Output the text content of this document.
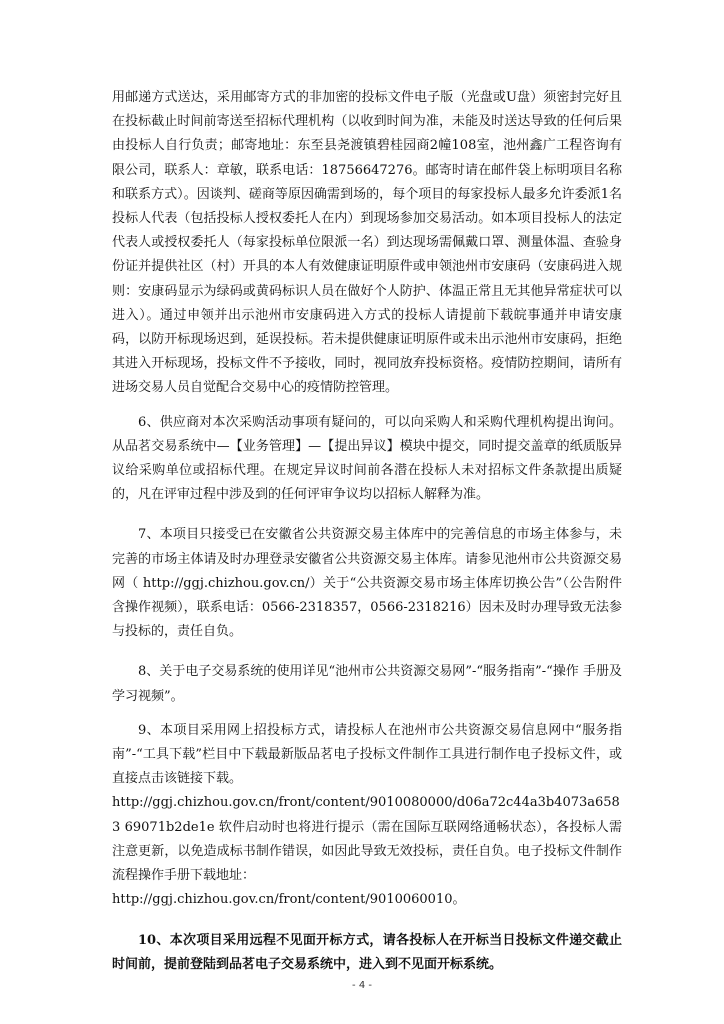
用邮递方式送达，采用邮寄方式的非加密的投标文件电子版（光盘或U盘）须密封完好且在投标截止时间前寄送至招标代理机构（以收到时间为准，未能及时送达导致的任何后果由投标人自行负责；邮寄地址：东至县尧渡镇碧桂园商2幢108室，池州鑫广工程咨询有限公司，联系人：章敏，联系电话：18756647276。邮寄时请在邮件袋上标明项目名称和联系方式）。因谈判、磋商等原因确需到场的，每个项目的每家投标人最多允许委派1名投标人代表（包括投标人授权委托人在内）到现场参加交易活动。如本项目投标人的法定代表人或授权委托人（每家投标单位限派一名）到达现场需佩戴口罩、测量体温、查验身份证并提供社区（村）开具的本人有效健康证明原件或申领池州市安康码（安康码进入规则：安康码显示为绿码或黄码标识人员在做好个人防护、体温正常且无其他异常症状可以进入）。通过申领并出示池州市安康码进入方式的投标人请提前下载皖事通并申请安康码，以防开标现场迟到，延误投标。若未提供健康证明原件或未出示池州市安康码，拒绝其进入开标现场，投标文件不予接收，同时，视同放弃投标资格。疫情防控期间，请所有进场交易人员自觉配合交易中心的疫情防控管理。

6、供应商对本次采购活动事项有疑问的，可以向采购人和采购代理机构提出询问。从品茗交易系统中—【业务管理】—【提出异议】模块中提交，同时提交盖章的纸质版异议给采购单位或招标代理。在规定异议时间前各潜在投标人未对招标文件条款提出质疑的，凡在评审过程中涉及到的任何评审争议均以招标人解释为准。

7、本项目只接受已在安徽省公共资源交易主体库中的完善信息的市场主体参与，未完善的市场主体请及时办理登录安徽省公共资源交易主体库。请参见池州市公共资源交易网（ http://ggj.chizhou.gov.cn/）关于“公共资源交易市场主体库切换公告”（公告附件含操作视频），联系电话：0566-2318357，0566-2318216）因未及时办理导致无法参与投标的，责任自负。

8、关于电子交易系统的使用详见“池州市公共资源交易网”-“服务指南”-“操作 手册及学习视频”。

9、本项目采用网上招投标方式，请投标人在池州市公共资源交易信息网中“服务指南”-“工具下载”栏目中下载最新版品茗电子投标文件制作工具进行制作电子投标文件，或直接点击该链接下载。

http://ggj.chizhou.gov.cn/front/content/9010080000/d06a72c44a3b4073a6583 69071b2de1e 软件启动时也将进行提示（需在国际互联网络通畅状态），各投标人需注意更新，以免造成标书制作错误，如因此导致无效投标，责任自负。电子投标文件制作流程操作手册下载地址：

http://ggj.chizhou.gov.cn/front/content/9010060010。

10、本次项目采用远程不见面开标方式，请各投标人在开标当日投标文件递交截止时间前，提前登陆到品茗电子交易系统中，进入到不见面开标系统。

- 4 -
